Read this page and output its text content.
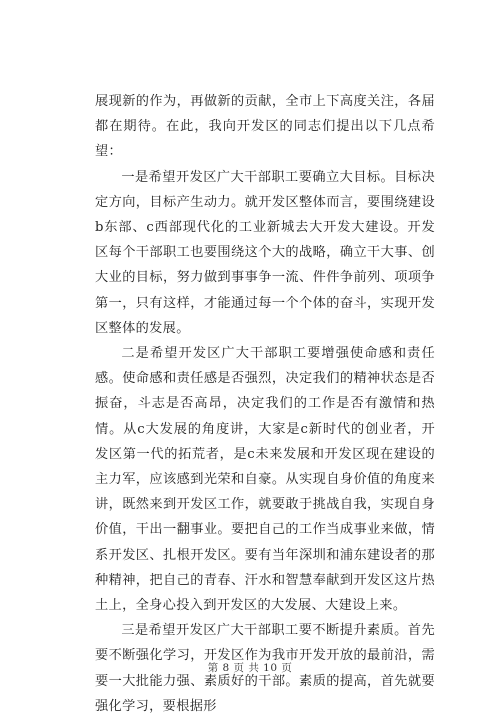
展现新的作为，再做新的贡献，全市上下高度关注，各届都在期待。在此，我向开发区的同志们提出以下几点希望：

一是希望开发区广大干部职工要确立大目标。目标决定方向，目标产生动力。就开发区整体而言，要围绕建设b东部、c西部现代化的工业新城去大开发大建设。开发区每个干部职工也要围绕这个大的战略，确立干大事、创大业的目标，努力做到事事争一流、件件争前列、项项争第一，只有这样，才能通过每一个个体的奋斗，实现开发区整体的发展。

二是希望开发区广大干部职工要增强使命感和责任感。使命感和责任感是否强烈，决定我们的精神状态是否振奋，斗志是否高昂，决定我们的工作是否有激情和热情。从c大发展的角度讲，大家是c新时代的创业者，开发区第一代的拓荒者，是c未来发展和开发区现在建设的主力军，应该感到光荣和自豪。从实现自身价值的角度来讲，既然来到开发区工作，就要敢于挑战自我，实现自身价值，干出一翻事业。要把自己的工作当成事业来做，情系开发区、扎根开发区。要有当年深圳和浦东建设者的那种精神，把自己的青春、汗水和智慧奉献到开发区这片热土上，全身心投入到开发区的大发展、大建设上来。

三是希望开发区广大干部职工要不断提升素质。首先要不断强化学习，开发区作为我市开发开放的最前沿，需要一大批能力强、素质好的干部。素质的提高，首先就要强化学习，要根据形

第 8 页 共 10 页
